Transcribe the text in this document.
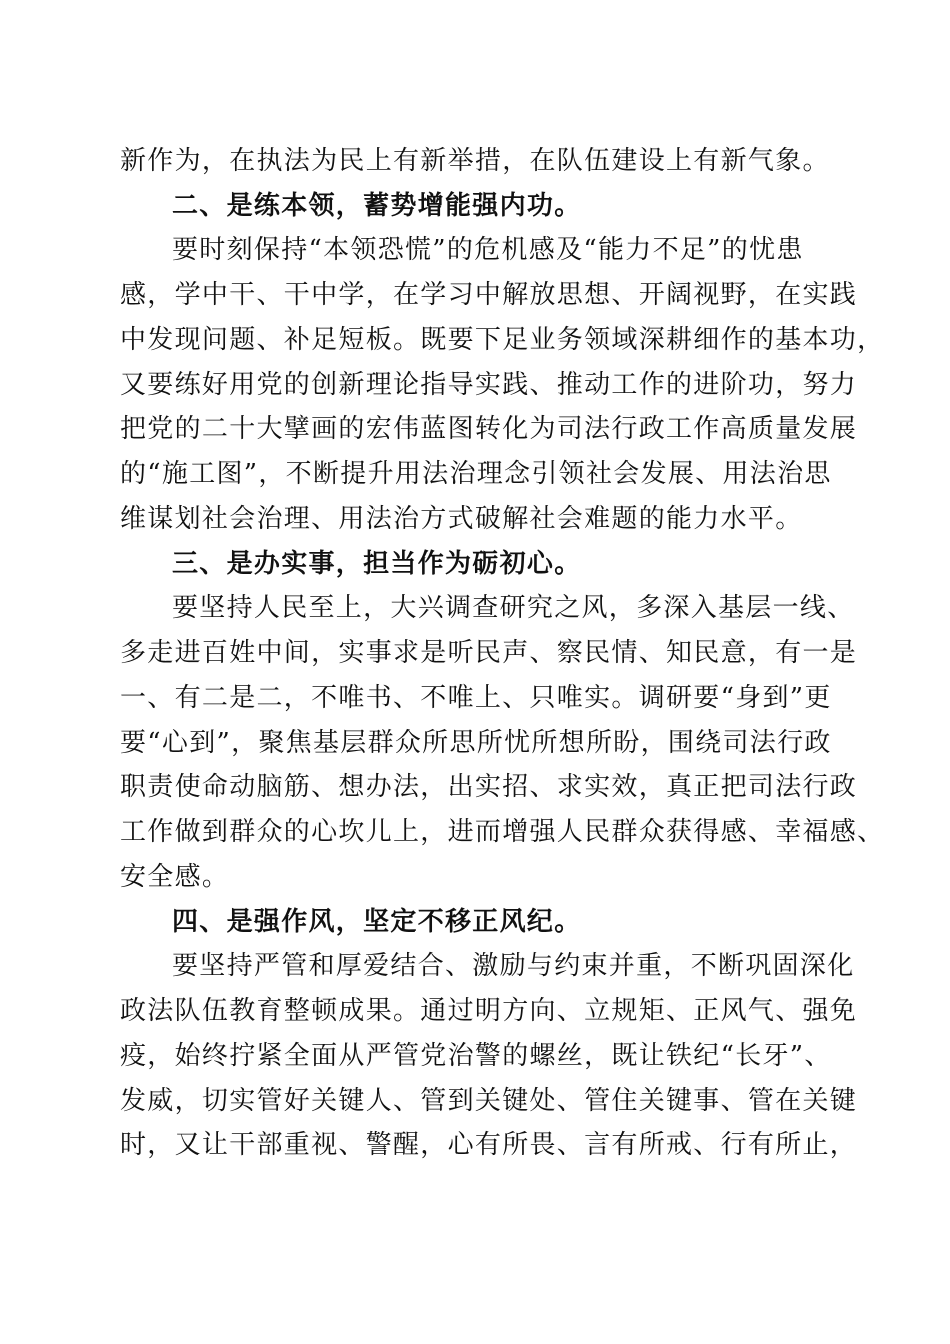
新作为，在执法为民上有新举措，在队伍建设上有新气象。
二、是练本领，蓄势增能强内功。
要时刻保持“本领恐慌”的危机感及“能力不足”的忧患
感，学中干、干中学，在学习中解放思想、开阔视野，在实践
中发现问题、补足短板。既要下足业务领域深耕细作的基本功，
又要练好用党的创新理论指导实践、推动工作的进阶功，努力
把党的二十大擘画的宏伟蓝图转化为司法行政工作高质量发展
的“施工图”，不断提升用法治理念引领社会发展、用法治思
维谋划社会治理、用法治方式破解社会难题的能力水平。
三、是办实事，担当作为砺初心。
要坚持人民至上，大兴调查研究之风，多深入基层一线、
多走进百姓中间，实事求是听民声、察民情、知民意，有一是
一、有二是二，不唯书、不唯上、只唯实。调研要“身到”更
要“心到”，聚焦基层群众所思所忧所想所盼，围绕司法行政
职责使命动脑筋、想办法，出实招、求实效，真正把司法行政
工作做到群众的心坎儿上，进而增强人民群众获得感、幸福感、
安全感。
四、是强作风，坚定不移正风纪。
要坚持严管和厚爱结合、激励与约束并重，不断巩固深化
政法队伍教育整顿成果。通过明方向、立规矩、正风气、强免
疫，始终拧紧全面从严管党治警的螺丝，既让铁纪“长牙”、
发威，切实管好关键人、管到关键处、管住关键事、管在关键
时，又让干部重视、警醒，心有所畏、言有所戒、行有所止，
